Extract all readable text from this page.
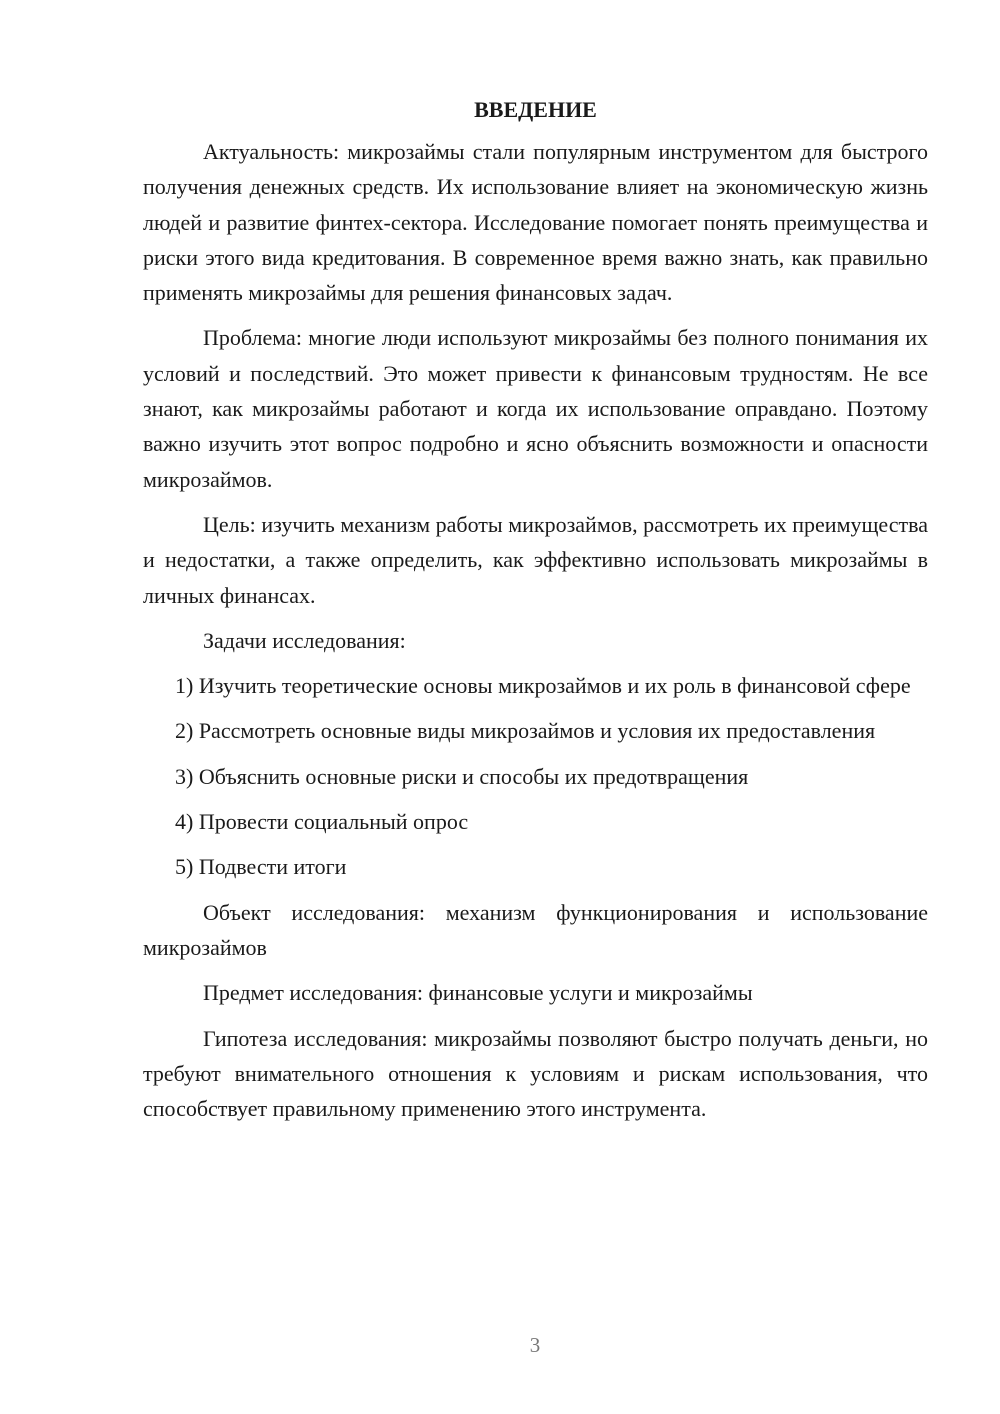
ВВЕДЕНИЕ

Актуальность: микрозаймы стали популярным инструментом для быстрого получения денежных средств. Их использование влияет на экономическую жизнь людей и развитие финтех-сектора. Исследование помогает понять преимущества и риски этого вида кредитования. В современное время важно знать, как правильно применять микрозаймы для решения финансовых задач.

Проблема: многие люди используют микрозаймы без полного понимания их условий и последствий. Это может привести к финансовым трудностям. Не все знают, как микрозаймы работают и когда их использование оправдано. Поэтому важно изучить этот вопрос подробно и ясно объяснить возможности и опасности микрозаймов.

Цель: изучить механизм работы микрозаймов, рассмотреть их преимущества и недостатки, а также определить, как эффективно использовать микрозаймы в личных финансах.

Задачи исследования:

1) Изучить теоретические основы микрозаймов и их роль в финансовой сфере

2) Рассмотреть основные виды микрозаймов и условия их предоставления

3) Объяснить основные риски и способы их предотвращения

4) Провести социальный опрос

5) Подвести итоги

Объект исследования: механизм функционирования и использование микрозаймов

Предмет исследования: финансовые услуги и микрозаймы

Гипотеза исследования: микрозаймы позволяют быстро получать деньги, но требуют внимательного отношения к условиям и рискам использования, что способствует правильному применению этого инструмента.

3
